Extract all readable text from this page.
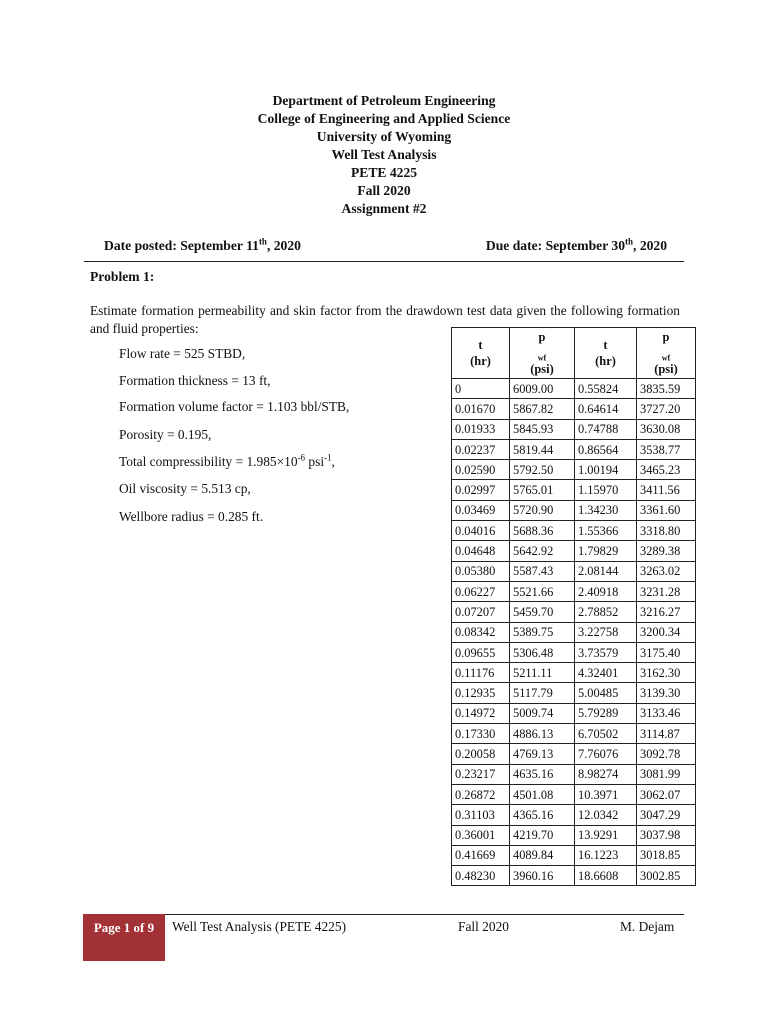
Department of Petroleum Engineering
College of Engineering and Applied Science
University of Wyoming
Well Test Analysis
PETE 4225
Fall 2020
Assignment #2
Date posted: September 11th, 2020	Due date: September 30th, 2020
Problem 1:
Estimate formation permeability and skin factor from the drawdown test data given the following formation and fluid properties:
Flow rate = 525 STBD,
Formation thickness = 13 ft,
Formation volume factor = 1.103 bbl/STB,
Porosity = 0.195,
Total compressibility = $1.985\times 10^{-6}$ psi$^{-1}$,
Oil viscosity = 5.513 cp,
Wellbore radius = 0.285 ft.
t
(hr)	p
$_{wf}$
(psi)	t
(hr)	p
$_{wf}$
(psi)

0	6009.00	0.55824	3835.59
0.01670	5867.82	0.64614	3727.20
0.01933	5845.93	0.74788	3630.08
0.02237	5819.44	0.86564	3538.77
0.02590	5792.50	1.00194	3465.23
0.02997	5765.01	1.15970	3411.56
0.03469	5720.90	1.34230	3361.60
0.04016	5688.36	1.55366	3318.80
0.04648	5642.92	1.79829	3289.38
0.05380	5587.43	2.08144	3263.02
0.06227	5521.66	2.40918	3231.28
0.07207	5459.70	2.78852	3216.27
0.08342	5389.75	3.22758	3200.34
0.09655	5306.48	3.73579	3175.40
0.11176	5211.11	4.32401	3162.30
0.12935	5117.79	5.00485	3139.30
0.14972	5009.74	5.79289	3133.46
0.17330	4886.13	6.70502	3114.87
0.20058	4769.13	7.76076	3092.78
0.23217	4635.16	8.98274	3081.99
0.26872	4501.08	10.3971	3062.07
0.31103	4365.16	12.0342	3047.29
0.36001	4219.70	13.9291	3037.98
0.41669	4089.84	16.1223	3018.85
0.48230	3960.16	18.6608	3002.85
Page 1 of 9	Well Test Analysis (PETE 4225)	Fall 2020	M. Dejam
